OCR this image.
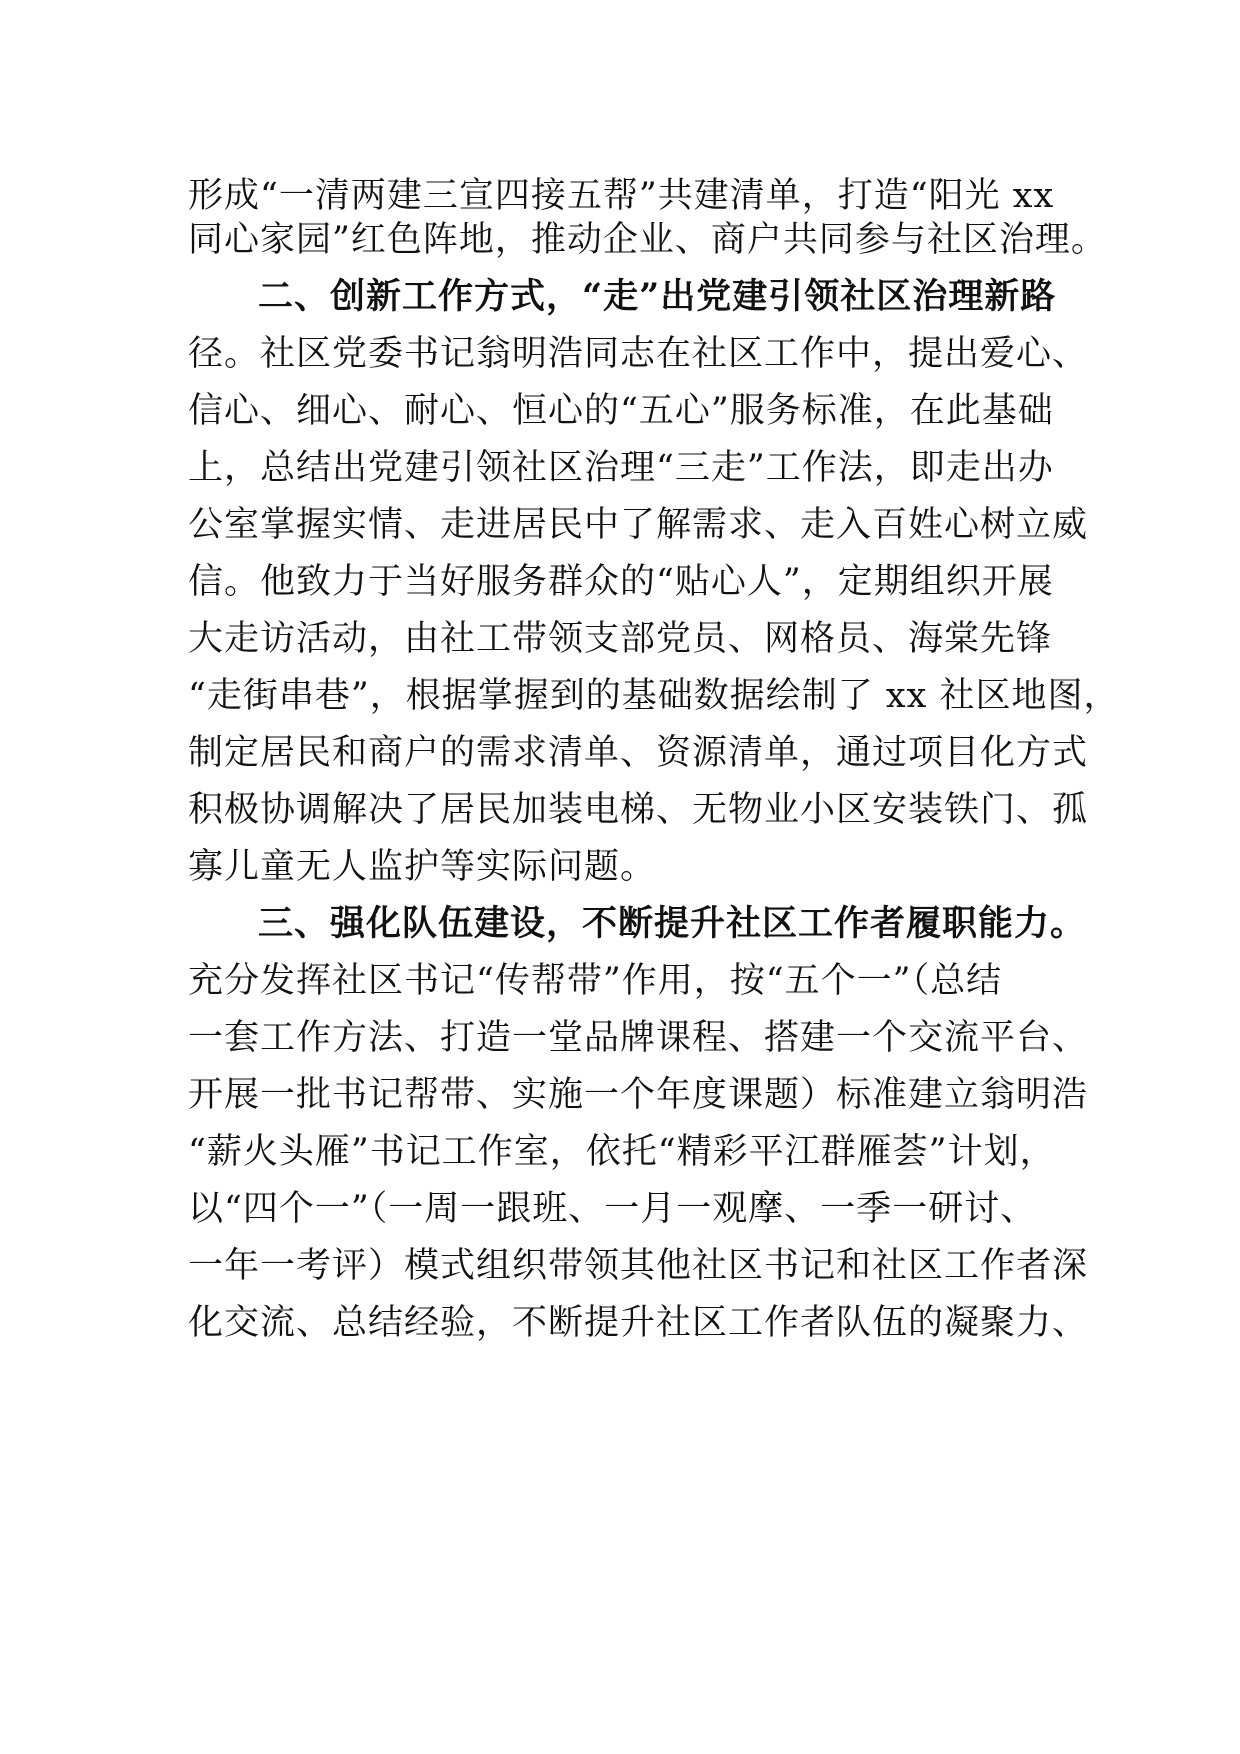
形成“一清两建三宣四接五帮”共建清单，打造“阳光 xx
同心家园”红色阵地，推动企业、商户共同参与社区治理。
二、创新工作方式，“走”出党建引领社区治理新路
径。社区党委书记翁明浩同志在社区工作中，提出爱心、
信心、细心、耐心、恒心的“五心”服务标准，在此基础
上，总结出党建引领社区治理“三走”工作法，即走出办
公室掌握实情、走进居民中了解需求、走入百姓心树立威
信。他致力于当好服务群众的“贴心人”，定期组织开展
大走访活动，由社工带领支部党员、网格员、海棠先锋
“走街串巷”，根据掌握到的基础数据绘制了 xx 社区地图，
制定居民和商户的需求清单、资源清单，通过项目化方式
积极协调解决了居民加装电梯、无物业小区安装铁门、孤
寡儿童无人监护等实际问题。
三、强化队伍建设，不断提升社区工作者履职能力。
充分发挥社区书记“传帮带”作用，按“五个一”（总结
一套工作方法、打造一堂品牌课程、搭建一个交流平台、
开展一批书记帮带、实施一个年度课题）标准建立翁明浩
“薪火头雁”书记工作室，依托“精彩平江群雁荟”计划，
以“四个一”（一周一跟班、一月一观摩、一季一研讨、
一年一考评）模式组织带领其他社区书记和社区工作者深
化交流、总结经验，不断提升社区工作者队伍的凝聚力、
